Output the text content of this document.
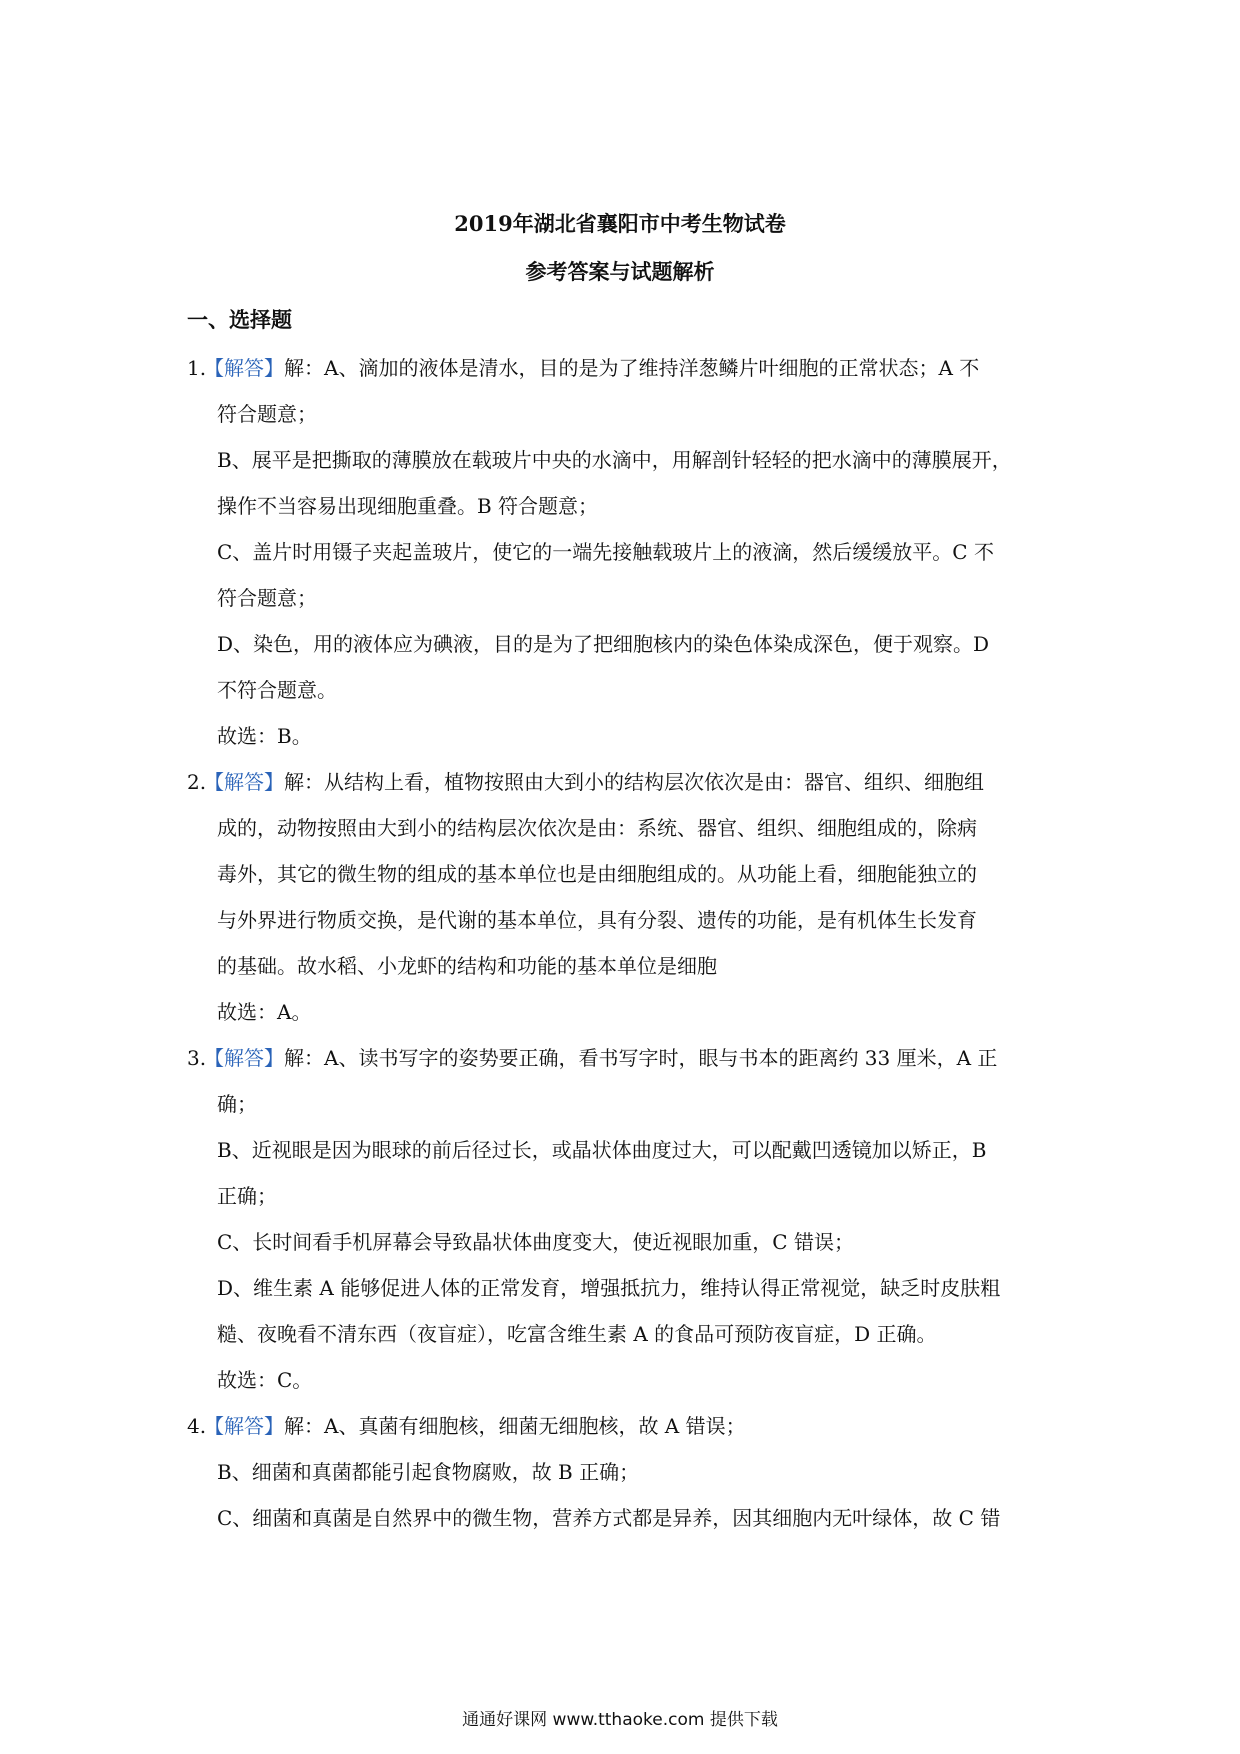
2019年湖北省襄阳市中考生物试卷
参考答案与试题解析
一、选择题
1.
【解答】解：A、滴加的液体是清水，目的是为了维持洋葱鳞片叶细胞的正常状态；A 不
符合题意；
B、展平是把撕取的薄膜放在载玻片中央的水滴中，用解剖针轻轻的把水滴中的薄膜展开，
操作不当容易出现细胞重叠。B 符合题意；
C、盖片时用镊子夹起盖玻片，使它的一端先接触载玻片上的液滴，然后缓缓放平。C 不
符合题意；
D、染色，用的液体应为碘液，目的是为了把细胞核内的染色体染成深色，便于观察。D
不符合题意。
故选：B。
2.
【解答】解：从结构上看，植物按照由大到小的结构层次依次是由：器官、组织、细胞组
成的，动物按照由大到小的结构层次依次是由：系统、器官、组织、细胞组成的，除病
毒外，其它的微生物的组成的基本单位也是由细胞组成的。从功能上看，细胞能独立的
与外界进行物质交换，是代谢的基本单位，具有分裂、遗传的功能，是有机体生长发育
的基础。故水稻、小龙虾的结构和功能的基本单位是细胞
故选：A。
3.
【解答】解：A、读书写字的姿势要正确，看书写字时，眼与书本的距离约 33 厘米，A 正
确；
B、近视眼是因为眼球的前后径过长，或晶状体曲度过大，可以配戴凹透镜加以矫正，B
正确；
C、长时间看手机屏幕会导致晶状体曲度变大，使近视眼加重，C 错误；
D、维生素 A 能够促进人体的正常发育，增强抵抗力，维持认得正常视觉，缺乏时皮肤粗
糙、夜晚看不清东西（夜盲症），吃富含维生素 A 的食品可预防夜盲症，D 正确。
故选：C。
4.
【解答】解：A、真菌有细胞核，细菌无细胞核，故 A 错误；
B、细菌和真菌都能引起食物腐败，故 B 正确；
C、细菌和真菌是自然界中的微生物，营养方式都是异养，因其细胞内无叶绿体，故 C 错
通通好课网 www.tthaoke.com 提供下载
